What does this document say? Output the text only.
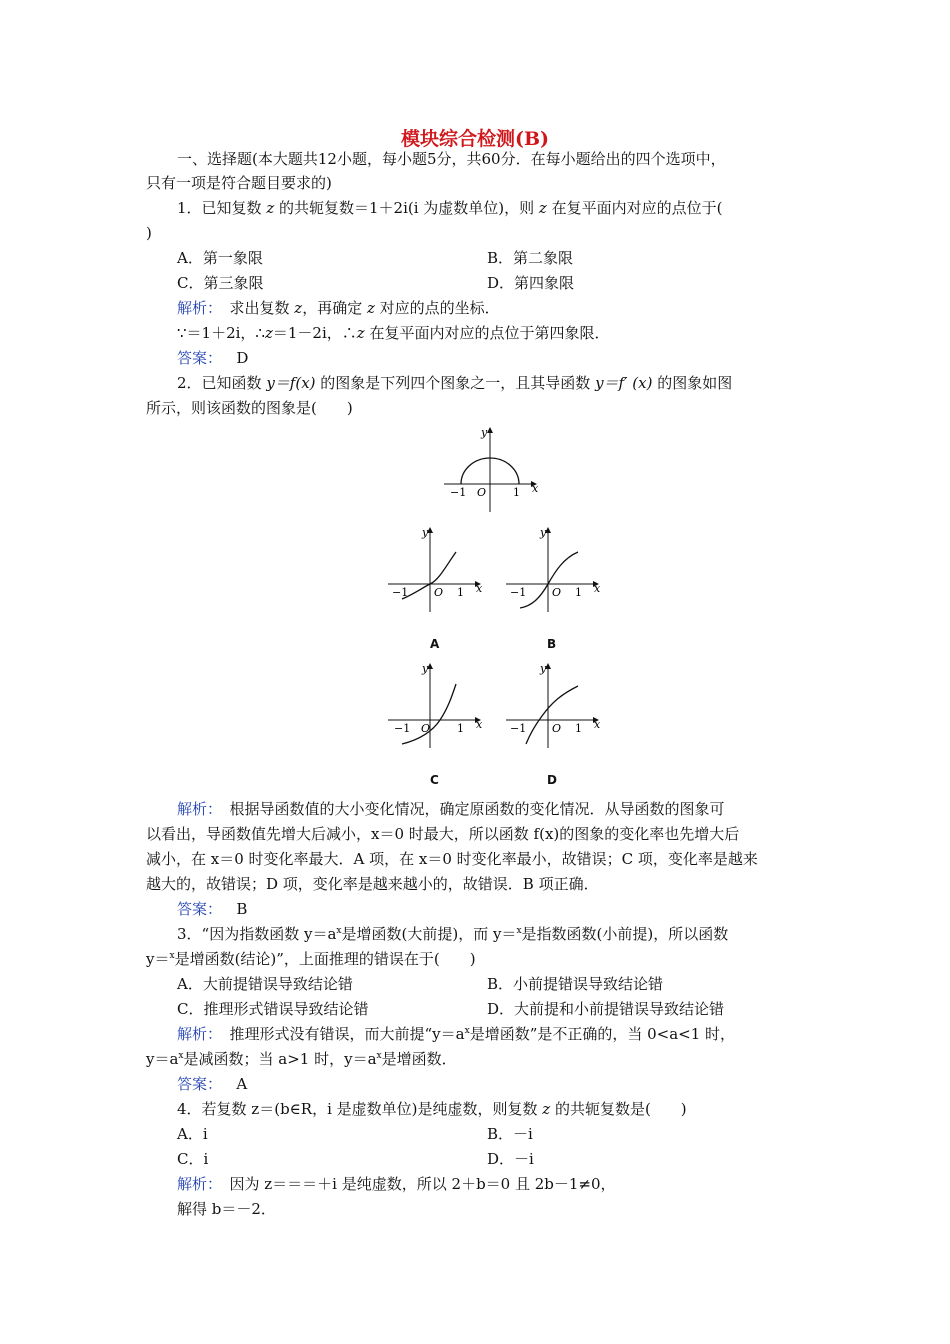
模块综合检测(B)
一、选择题(本大题共12小题，每小题5分，共60分．在每小题给出的四个选项中，
只有一项是符合题目要求的)
1．已知复数 z 的共轭复数＝1＋2i(i 为虚数单位)，则 z 在复平面内对应的点位于(
)
A．第一象限	B．第二象限
C．第三象限	D．第四象限
解析：　求出复数 z，再确定 z 对应的点的坐标．
∵＝1＋2i，∴z＝1－2i，∴z 在复平面内对应的点位于第四象限．
答案： D
2．已知函数 y＝f(x) 的图象是下列四个图象之一，且其导函数 y＝f′ (x) 的图象如图
所示，则该函数的图象是(　　)
y
x
O
−1	1
y
x
O
−1	1
A
y
x
O
−1	1
B
y
x
O
−1	1
C
y
x
O
−1	1
D
解析：　根据导函数值的大小变化情况，确定原函数的变化情况．从导函数的图象可
以看出，导函数值先增大后减小，x＝0 时最大，所以函数 f(x)的图象的变化率也先增大后
减小，在 x＝0 时变化率最大．A 项，在 x＝0 时变化率最小，故错误；C 项，变化率是越来
越大的，故错误；D 项，变化率是越来越小的，故错误．B 项正确．
答案： B
3．“因为指数函数 $y=a^x$是增函数(大前提)，而 y＝$^x$是指数函数(小前提)，所以函数
y＝$^x$是增函数(结论)”，上面推理的错误在于(　　)
A．大前提错误导致结论错	B．小前提错误导致结论错
C．推理形式错误导致结论错	D．大前提和小前提错误导致结论错
解析：　推理形式没有错误，而大前提“$y=a^x$是增函数”是不正确的，当 0<a<1 时，
$y=a^x$是减函数；当 a>1 时，$y=a^x$是增函数．
答案： A
4．若复数 z＝(b∈R，i 是虚数单位)是纯虚数，则复数 z 的共轭复数是(　　)
A．i	B．－i
C．i	D．－i
解析：　因为 z＝＝＝＋i 是纯虚数，所以 2＋b＝0 且 2b－1≠0，
解得 b＝－2．
